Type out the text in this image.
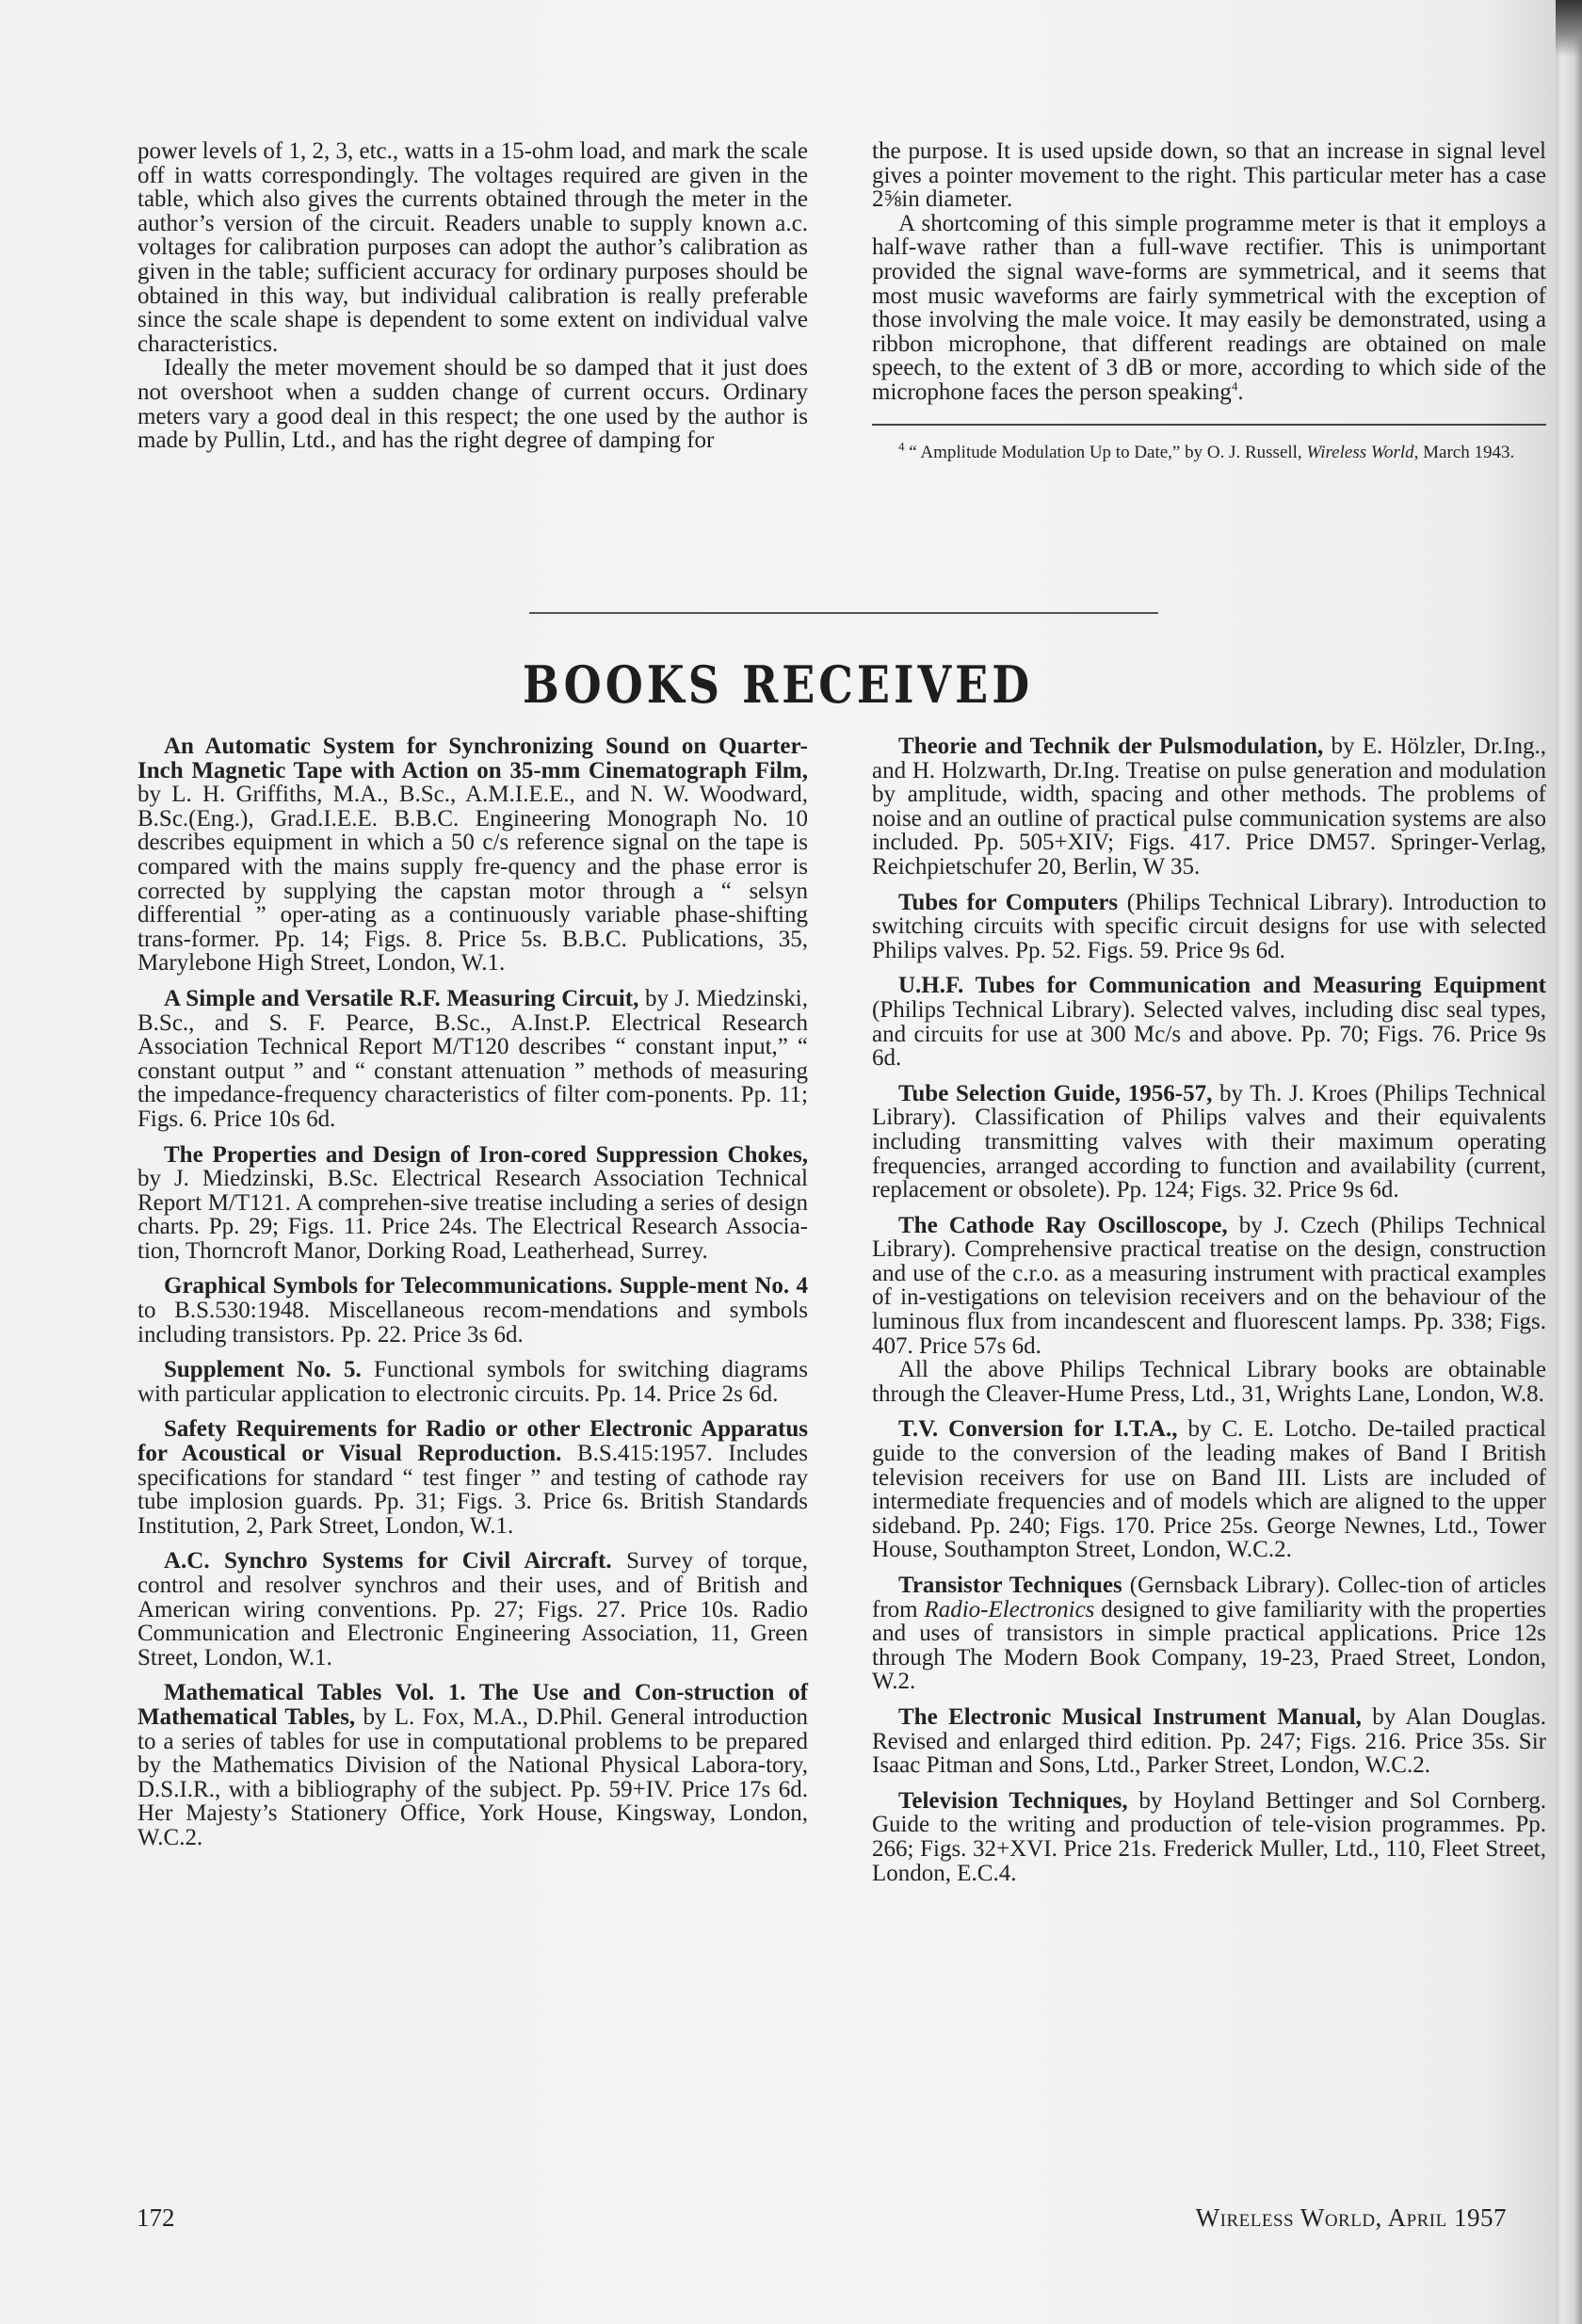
power levels of 1, 2, 3, etc., watts in a 15-ohm load, and mark the scale off in watts correspondingly. The voltages required are given in the table, which also gives the currents obtained through the meter in the author’s version of the circuit. Readers unable to supply known a.c. voltages for calibration purposes can adopt the author’s calibration as given in the table; sufficient accuracy for ordinary purposes should be obtained in this way, but individual calibration is really preferable since the scale shape is dependent to some extent on individual valve characteristics.

Ideally the meter movement should be so damped that it just does not overshoot when a sudden change of current occurs. Ordinary meters vary a good deal in this respect; the one used by the author is made by Pullin, Ltd., and has the right degree of damping for

the purpose. It is used upside down, so that an increase in signal level gives a pointer movement to the right. This particular meter has a case 2⅝in diameter.

A shortcoming of this simple programme meter is that it employs a half-wave rather than a full-wave rectifier. This is unimportant provided the signal wave-forms are symmetrical, and it seems that most music waveforms are fairly symmetrical with the exception of those involving the male voice. It may easily be demonstrated, using a ribbon microphone, that different readings are obtained on male speech, to the extent of 3 dB or more, according to which side of the microphone faces the person speaking$^4$.

$^4$ “ Amplitude Modulation Up to Date,” by O. J. Russell, Wireless World, March 1943.

BOOKS RECEIVED

An Automatic System for Synchronizing Sound on Quarter-Inch Magnetic Tape with Action on 35-mm Cinematograph Film, by L. H. Griffiths, M.A., B.Sc., A.M.I.E.E., and N. W. Woodward, B.Sc.(Eng.), Grad.I.E.E. B.B.C. Engineering Monograph No. 10 describes equipment in which a 50 c/s reference signal on the tape is compared with the mains supply fre-quency and the phase error is corrected by supplying the capstan motor through a “ selsyn differential ” oper-ating as a continuously variable phase-shifting trans-former. Pp. 14; Figs. 8. Price 5s. B.B.C. Publications, 35, Marylebone High Street, London, W.1.

A Simple and Versatile R.F. Measuring Circuit, by J. Miedzinski, B.Sc., and S. F. Pearce, B.Sc., A.Inst.P. Electrical Research Association Technical Report M/T120 describes “ constant input,” “ constant output ” and “ constant attenuation ” methods of measuring the impedance-frequency characteristics of filter com-ponents. Pp. 11; Figs. 6. Price 10s 6d.

The Properties and Design of Iron-cored Suppression Chokes, by J. Miedzinski, B.Sc. Electrical Research Association Technical Report M/T121. A comprehen-sive treatise including a series of design charts. Pp. 29; Figs. 11. Price 24s. The Electrical Research Associa-tion, Thorncroft Manor, Dorking Road, Leatherhead, Surrey.

Graphical Symbols for Telecommunications. Supple-ment No. 4 to B.S.530:1948. Miscellaneous recom-mendations and symbols including transistors. Pp. 22. Price 3s 6d.

Supplement No. 5. Functional symbols for switching diagrams with particular application to electronic circuits. Pp. 14. Price 2s 6d.

Safety Requirements for Radio or other Electronic Apparatus for Acoustical or Visual Reproduction. B.S.415:1957. Includes specifications for standard “ test finger ” and testing of cathode ray tube implosion guards. Pp. 31; Figs. 3. Price 6s. British Standards Institution, 2, Park Street, London, W.1.

A.C. Synchro Systems for Civil Aircraft. Survey of torque, control and resolver synchros and their uses, and of British and American wiring conventions. Pp. 27; Figs. 27. Price 10s. Radio Communication and Electronic Engineering Association, 11, Green Street, London, W.1.

Mathematical Tables Vol. 1. The Use and Con-struction of Mathematical Tables, by L. Fox, M.A., D.Phil. General introduction to a series of tables for use in computational problems to be prepared by the Mathematics Division of the National Physical Labora-tory, D.S.I.R., with a bibliography of the subject. Pp. 59+IV. Price 17s 6d. Her Majesty’s Stationery Office, York House, Kingsway, London, W.C.2.

Theorie and Technik der Pulsmodulation, by E. Hölzler, Dr.Ing., and H. Holzwarth, Dr.Ing. Treatise on pulse generation and modulation by amplitude, width, spacing and other methods. The problems of noise and an outline of practical pulse communication systems are also included. Pp. 505+XIV; Figs. 417. Price DM57. Springer-Verlag, Reichpietschufer 20, Berlin, W 35.

Tubes for Computers (Philips Technical Library). Introduction to switching circuits with specific circuit designs for use with selected Philips valves. Pp. 52. Figs. 59. Price 9s 6d.

U.H.F. Tubes for Communication and Measuring Equipment (Philips Technical Library). Selected valves, including disc seal types, and circuits for use at 300 Mc/s and above. Pp. 70; Figs. 76. Price 9s 6d.

Tube Selection Guide, 1956-57, by Th. J. Kroes (Philips Technical Library). Classification of Philips valves and their equivalents including transmitting valves with their maximum operating frequencies, arranged according to function and availability (current, replacement or obsolete). Pp. 124; Figs. 32. Price 9s 6d.

The Cathode Ray Oscilloscope, by J. Czech (Philips Technical Library). Comprehensive practical treatise on the design, construction and use of the c.r.o. as a measuring instrument with practical examples of in-vestigations on television receivers and on the behaviour of the luminous flux from incandescent and fluorescent lamps. Pp. 338; Figs. 407. Price 57s 6d.

All the above Philips Technical Library books are obtainable through the Cleaver-Hume Press, Ltd., 31, Wrights Lane, London, W.8.

T.V. Conversion for I.T.A., by C. E. Lotcho. De-tailed practical guide to the conversion of the leading makes of Band I British television receivers for use on Band III. Lists are included of intermediate frequencies and of models which are aligned to the upper sideband. Pp. 240; Figs. 170. Price 25s. George Newnes, Ltd., Tower House, Southampton Street, London, W.C.2.

Transistor Techniques (Gernsback Library). Collec-tion of articles from Radio-Electronics designed to give familiarity with the properties and uses of transistors in simple practical applications. Price 12s through The Modern Book Company, 19-23, Praed Street, London, W.2.

The Electronic Musical Instrument Manual, by Alan Douglas. Revised and enlarged third edition. Pp. 247; Figs. 216. Price 35s. Sir Isaac Pitman and Sons, Ltd., Parker Street, London, W.C.2.

Television Techniques, by Hoyland Bettinger and Sol Cornberg. Guide to the writing and production of tele-vision programmes. Pp. 266; Figs. 32+XVI. Price 21s. Frederick Muller, Ltd., 110, Fleet Street, London, E.C.4.

172	Wireless World, April 1957
